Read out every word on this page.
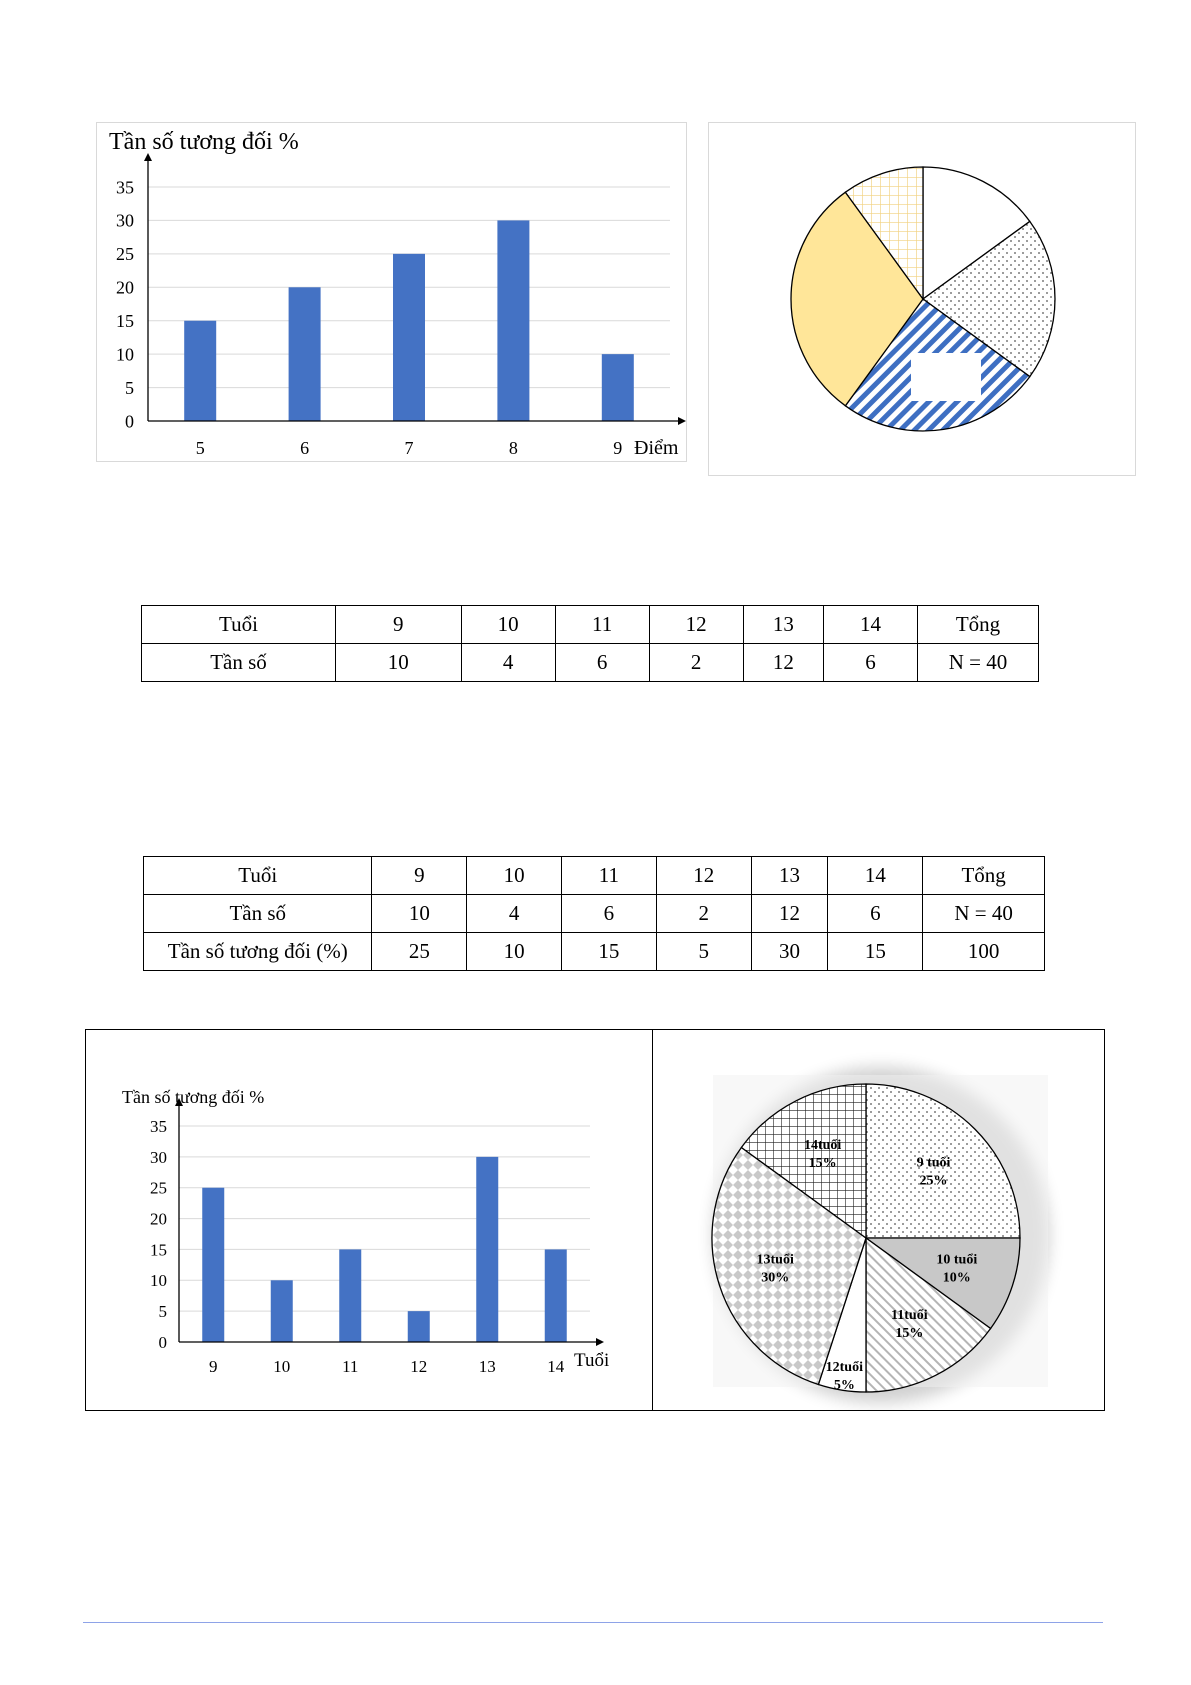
0
5
10
15
20
25
30
35
5	6	7	8	9
Tần số tương đối %
Điểm
Tuổi	9	10	11	12	13	14	Tổng
Tần số	10	4	6	2	12	6	N = 40
Tuổi	9	10	11	12	13	14	Tổng
Tần số	10	4	6	2	12	6	N = 40
Tần số tương đối (%)	25	10	15	5	30	15	100
0
5
10
15
20
25
30
35
9	10	11	12	13	14
Tần số tương đối %
Tuổi
9 tuổi
25%
10 tuổi
10%
11tuổi
15%
12tuổi
5%
13tuổi
30%
14tuổi
15%
